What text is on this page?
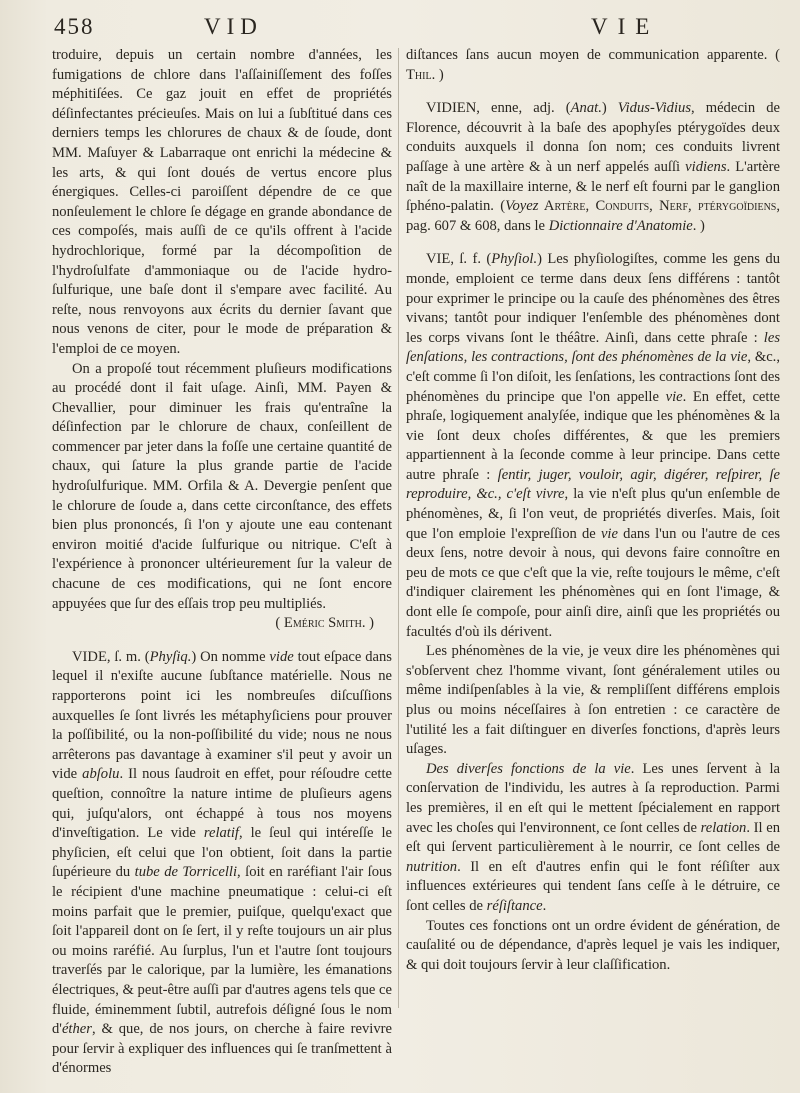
458	VID	VIE

troduire, depuis un certain nombre d'années, les fumigations de chlore dans l'aſſainiſſement des foſſes méphitiſées. Ce gaz jouit en effet de propriétés déſinfectantes précieuſes. Mais on lui a ſubſtitué dans ces derniers temps les chlorures de chaux & de ſoude, dont MM. Maſuyer & Labarraque ont enrichi la médecine & les arts, & qui ſont doués de vertus encore plus énergiques. Celles-ci paroiſſent dépendre de ce que nonſeulement le chlore ſe dégage en grande abondance de ces compoſés, mais auſſi de ce qu'ils offrent à l'acide hydrochlorique, formé par la décompoſition de l'hydroſulfate d'ammoniaque ou de l'acide hydro-ſulfurique, une baſe dont il s'empare avec facilité. Au reſte, nous renvoyons aux écrits du dernier ſavant que nous venons de citer, pour le mode de préparation & l'emploi de ce moyen.

On a propoſé tout récemment pluſieurs modifications au procédé dont il fait uſage. Ainſi, MM. Payen & Chevallier, pour diminuer les frais qu'entraîne la déſinfection par le chlorure de chaux, conſeillent de commencer par jeter dans la foſſe une certaine quantité de chaux, qui ſature la plus grande partie de l'acide hydroſulfurique. MM. Orfila & A. Devergie penſent que le chlorure de ſoude a, dans cette circonſtance, des effets bien plus prononcés, ſi l'on y ajoute une eau contenant environ moitié d'acide ſulfurique ou nitrique. C'eſt à l'expérience à prononcer ultérieurement ſur la valeur de chacune de ces modifications, qui ne ſont encore appuyées que ſur des eſſais trop peu multipliés.

( Eméric Smith. )

VIDE, ſ. m. (Phyſiq.) On nomme vide tout eſpace dans lequel il n'exiſte aucune ſubſtance matérielle. Nous ne rapporterons point ici les nombreuſes diſcuſſions auxquelles ſe ſont livrés les métaphyſiciens pour prouver la poſſibilité, ou la non-poſſibilité du vide; nous ne nous arrêterons pas davantage à examiner s'il peut y avoir un vide abſolu. Il nous ſaudroit en effet, pour réſoudre cette queſtion, connoître la nature intime de pluſieurs agens qui, juſqu'alors, ont échappé à tous nos moyens d'inveſtigation. Le vide relatif, le ſeul qui intéreſſe le phyſicien, eſt celui que l'on obtient, ſoit dans la partie ſupérieure du tube de Torricelli, ſoit en raréfiant l'air ſous le récipient d'une machine pneumatique : celui-ci eſt moins parfait que le premier, puiſque, quelqu'exact que ſoit l'appareil dont on ſe ſert, il y reſte toujours un air plus ou moins raréfié. Au ſurplus, l'un et l'autre ſont toujours traverſés par le calorique, par la lumière, les émanations électriques, & peut-être auſſi par d'autres agens tels que ce fluide, éminemment ſubtil, autrefois déſigné ſous le nom d'éther, & que, de nos jours, on cherche à faire revivre pour ſervir à expliquer des influences qui ſe tranſmettent à d'énormes

diſtances ſans aucun moyen de communication apparente. ( Thil. )

VIDIEN, enne, adj. (Anat.) Vidus-Vidius, médecin de Florence, découvrit à la baſe des apophyſes ptérygoïdes deux conduits auxquels il donna ſon nom; ces conduits livrent paſſage à une artère & à un nerf appelés auſſi vidiens. L'artère naît de la maxillaire interne, & le nerf eſt fourni par le ganglion ſphéno-palatin. (Voyez Artère, Conduits, Nerf, ptérygoïdiens, pag. 607 & 608, dans le Dictionnaire d'Anatomie. )

VIE, ſ. f. (Phyſiol.) Les phyſiologiſtes, comme les gens du monde, emploient ce terme dans deux ſens différens : tantôt pour exprimer le principe ou la cauſe des phénomènes des êtres vivans; tantôt pour indiquer l'enſemble des phénomènes dont les corps vivans ſont le théâtre. Ainſi, dans cette phraſe : les ſenſations, les contractions, ſont des phénomènes de la vie, &c., c'eſt comme ſi l'on diſoit, les ſenſations, les contractions ſont des phénomènes du principe que l'on appelle vie. En effet, cette phraſe, logiquement analyſée, indique que les phénomènes & la vie ſont deux choſes différentes, & que les premiers appartiennent à la ſeconde comme à leur principe. Dans cette autre phraſe : ſentir, juger, vouloir, agir, digérer, reſpirer, ſe reproduire, &c., c'eſt vivre, la vie n'eſt plus qu'un enſemble de phénomènes, &, ſi l'on veut, de propriétés diverſes. Mais, ſoit que l'on emploie l'expreſſion de vie dans l'un ou l'autre de ces deux ſens, notre devoir à nous, qui devons faire connoître en peu de mots ce que c'eſt que la vie, reſte toujours le même, c'eſt d'indiquer clairement les phénomènes qui en ſont l'image, & dont elle ſe compoſe, pour ainſi dire, ainſi que les propriétés ou facultés d'où ils dérivent.

Les phénomènes de la vie, je veux dire les phénomènes qui s'obſervent chez l'homme vivant, ſont généralement utiles ou même indiſpenſables à la vie, & rempliſſent différens emplois plus ou moins néceſſaires à ſon entretien : ce caractère de l'utilité les a fait diſtinguer en diverſes fonctions, d'après leurs uſages.

Des diverſes fonctions de la vie. Les unes ſervent à la conſervation de l'individu, les autres à ſa reproduction. Parmi les premières, il en eſt qui le mettent ſpécialement en rapport avec les choſes qui l'environnent, ce ſont celles de relation. Il en eſt qui ſervent particulièrement à le nourrir, ce ſont celles de nutrition. Il en eſt d'autres enfin qui le font réſiſter aux influences extérieures qui tendent ſans ceſſe à le détruire, ce ſont celles de réſiſtance.

Toutes ces fonctions ont un ordre évident de génération, de cauſalité ou de dépendance, d'après lequel je vais les indiquer, & qui doit toujours ſervir à leur claſſification.
